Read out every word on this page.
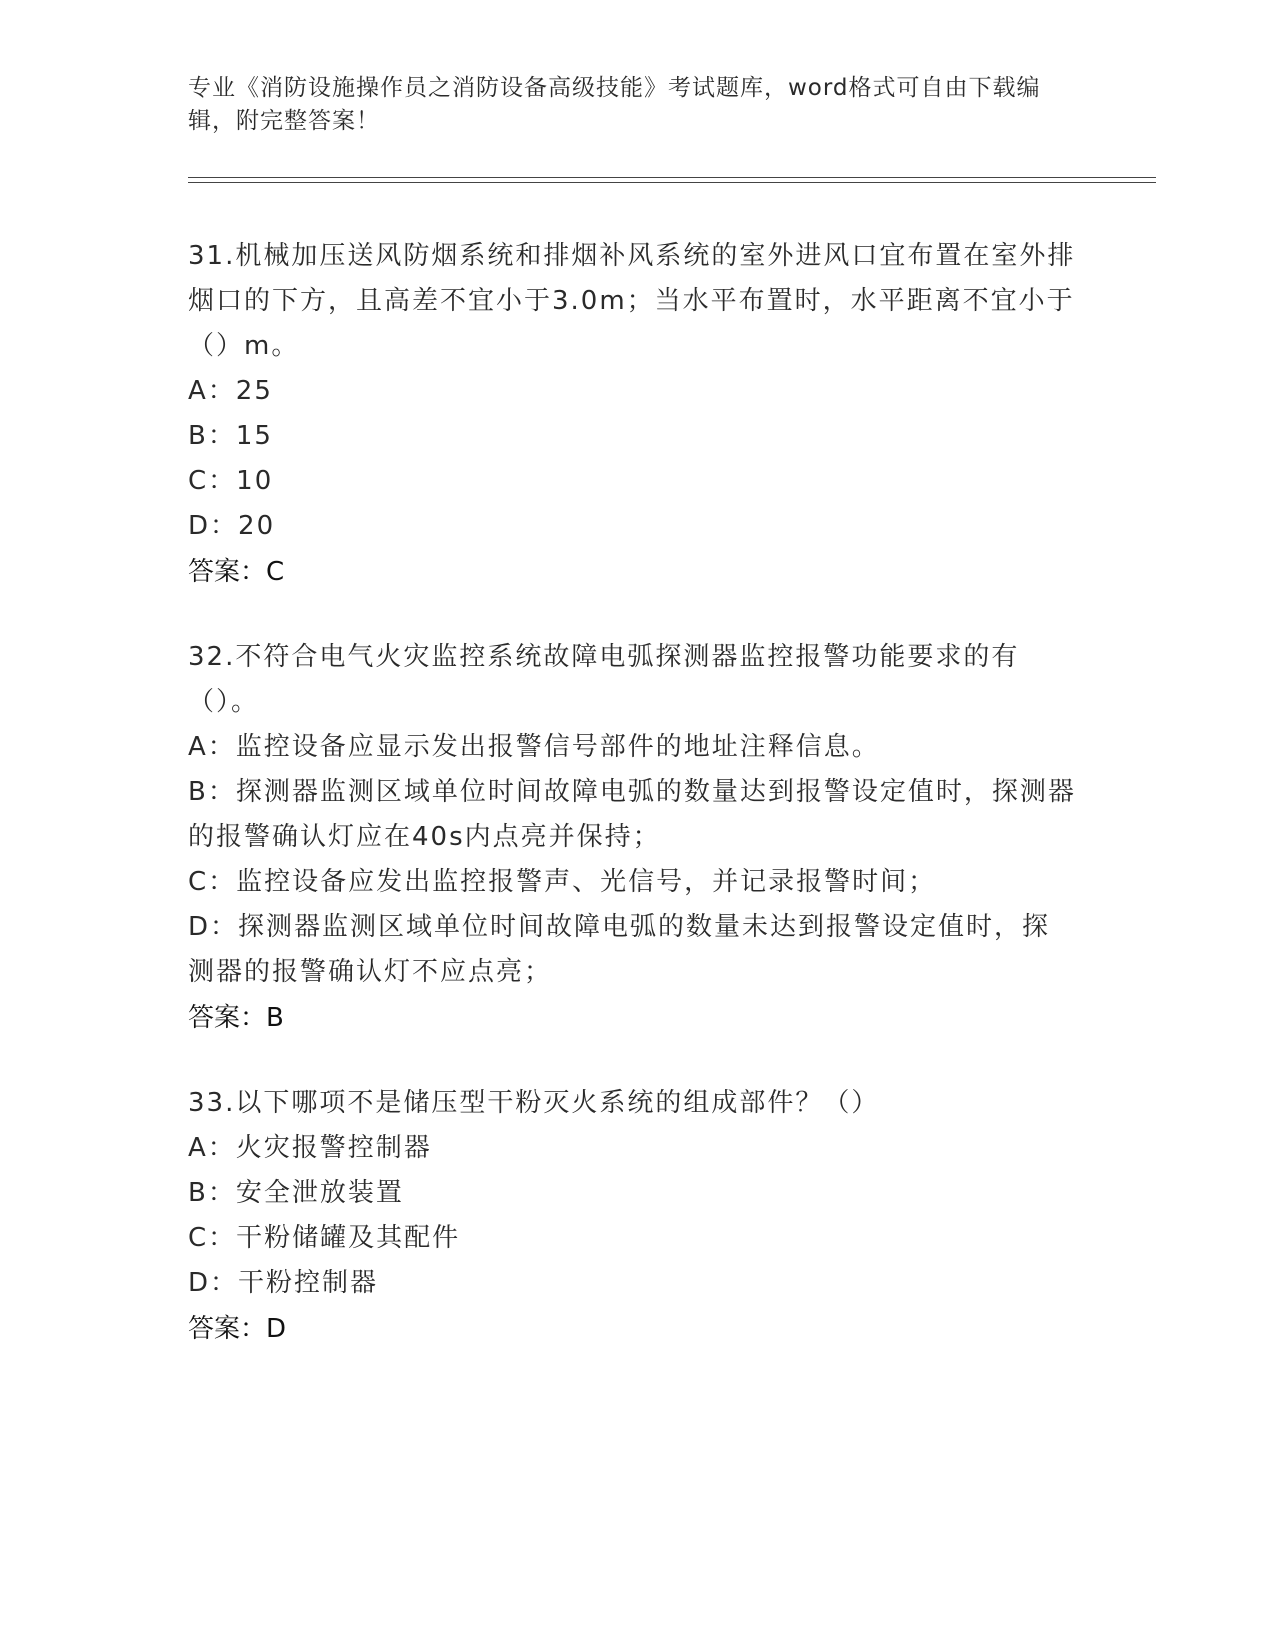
专业《消防设施操作员之消防设备高级技能》考试题库，word格式可自由下载编辑，附完整答案！

31.机械加压送风防烟系统和排烟补风系统的室外进风口宜布置在室外排烟口的下方，且高差不宜小于3.0m；当水平布置时，水平距离不宜小于（）m。

A：25

B：15

C：10

D：20

答案：C

32.不符合电气火灾监控系统故障电弧探测器监控报警功能要求的有（）。

A：监控设备应显示发出报警信号部件的地址注释信息。

B：探测器监测区域单位时间故障电弧的数量达到报警设定值时，探测器的报警确认灯应在40s内点亮并保持；

C：监控设备应发出监控报警声、光信号，并记录报警时间；

D：探测器监测区域单位时间故障电弧的数量未达到报警设定值时，探测器的报警确认灯不应点亮；

答案：B

33.以下哪项不是储压型干粉灭火系统的组成部件？（）

A：火灾报警控制器

B：安全泄放装置

C：干粉储罐及其配件

D：干粉控制器

答案：D
